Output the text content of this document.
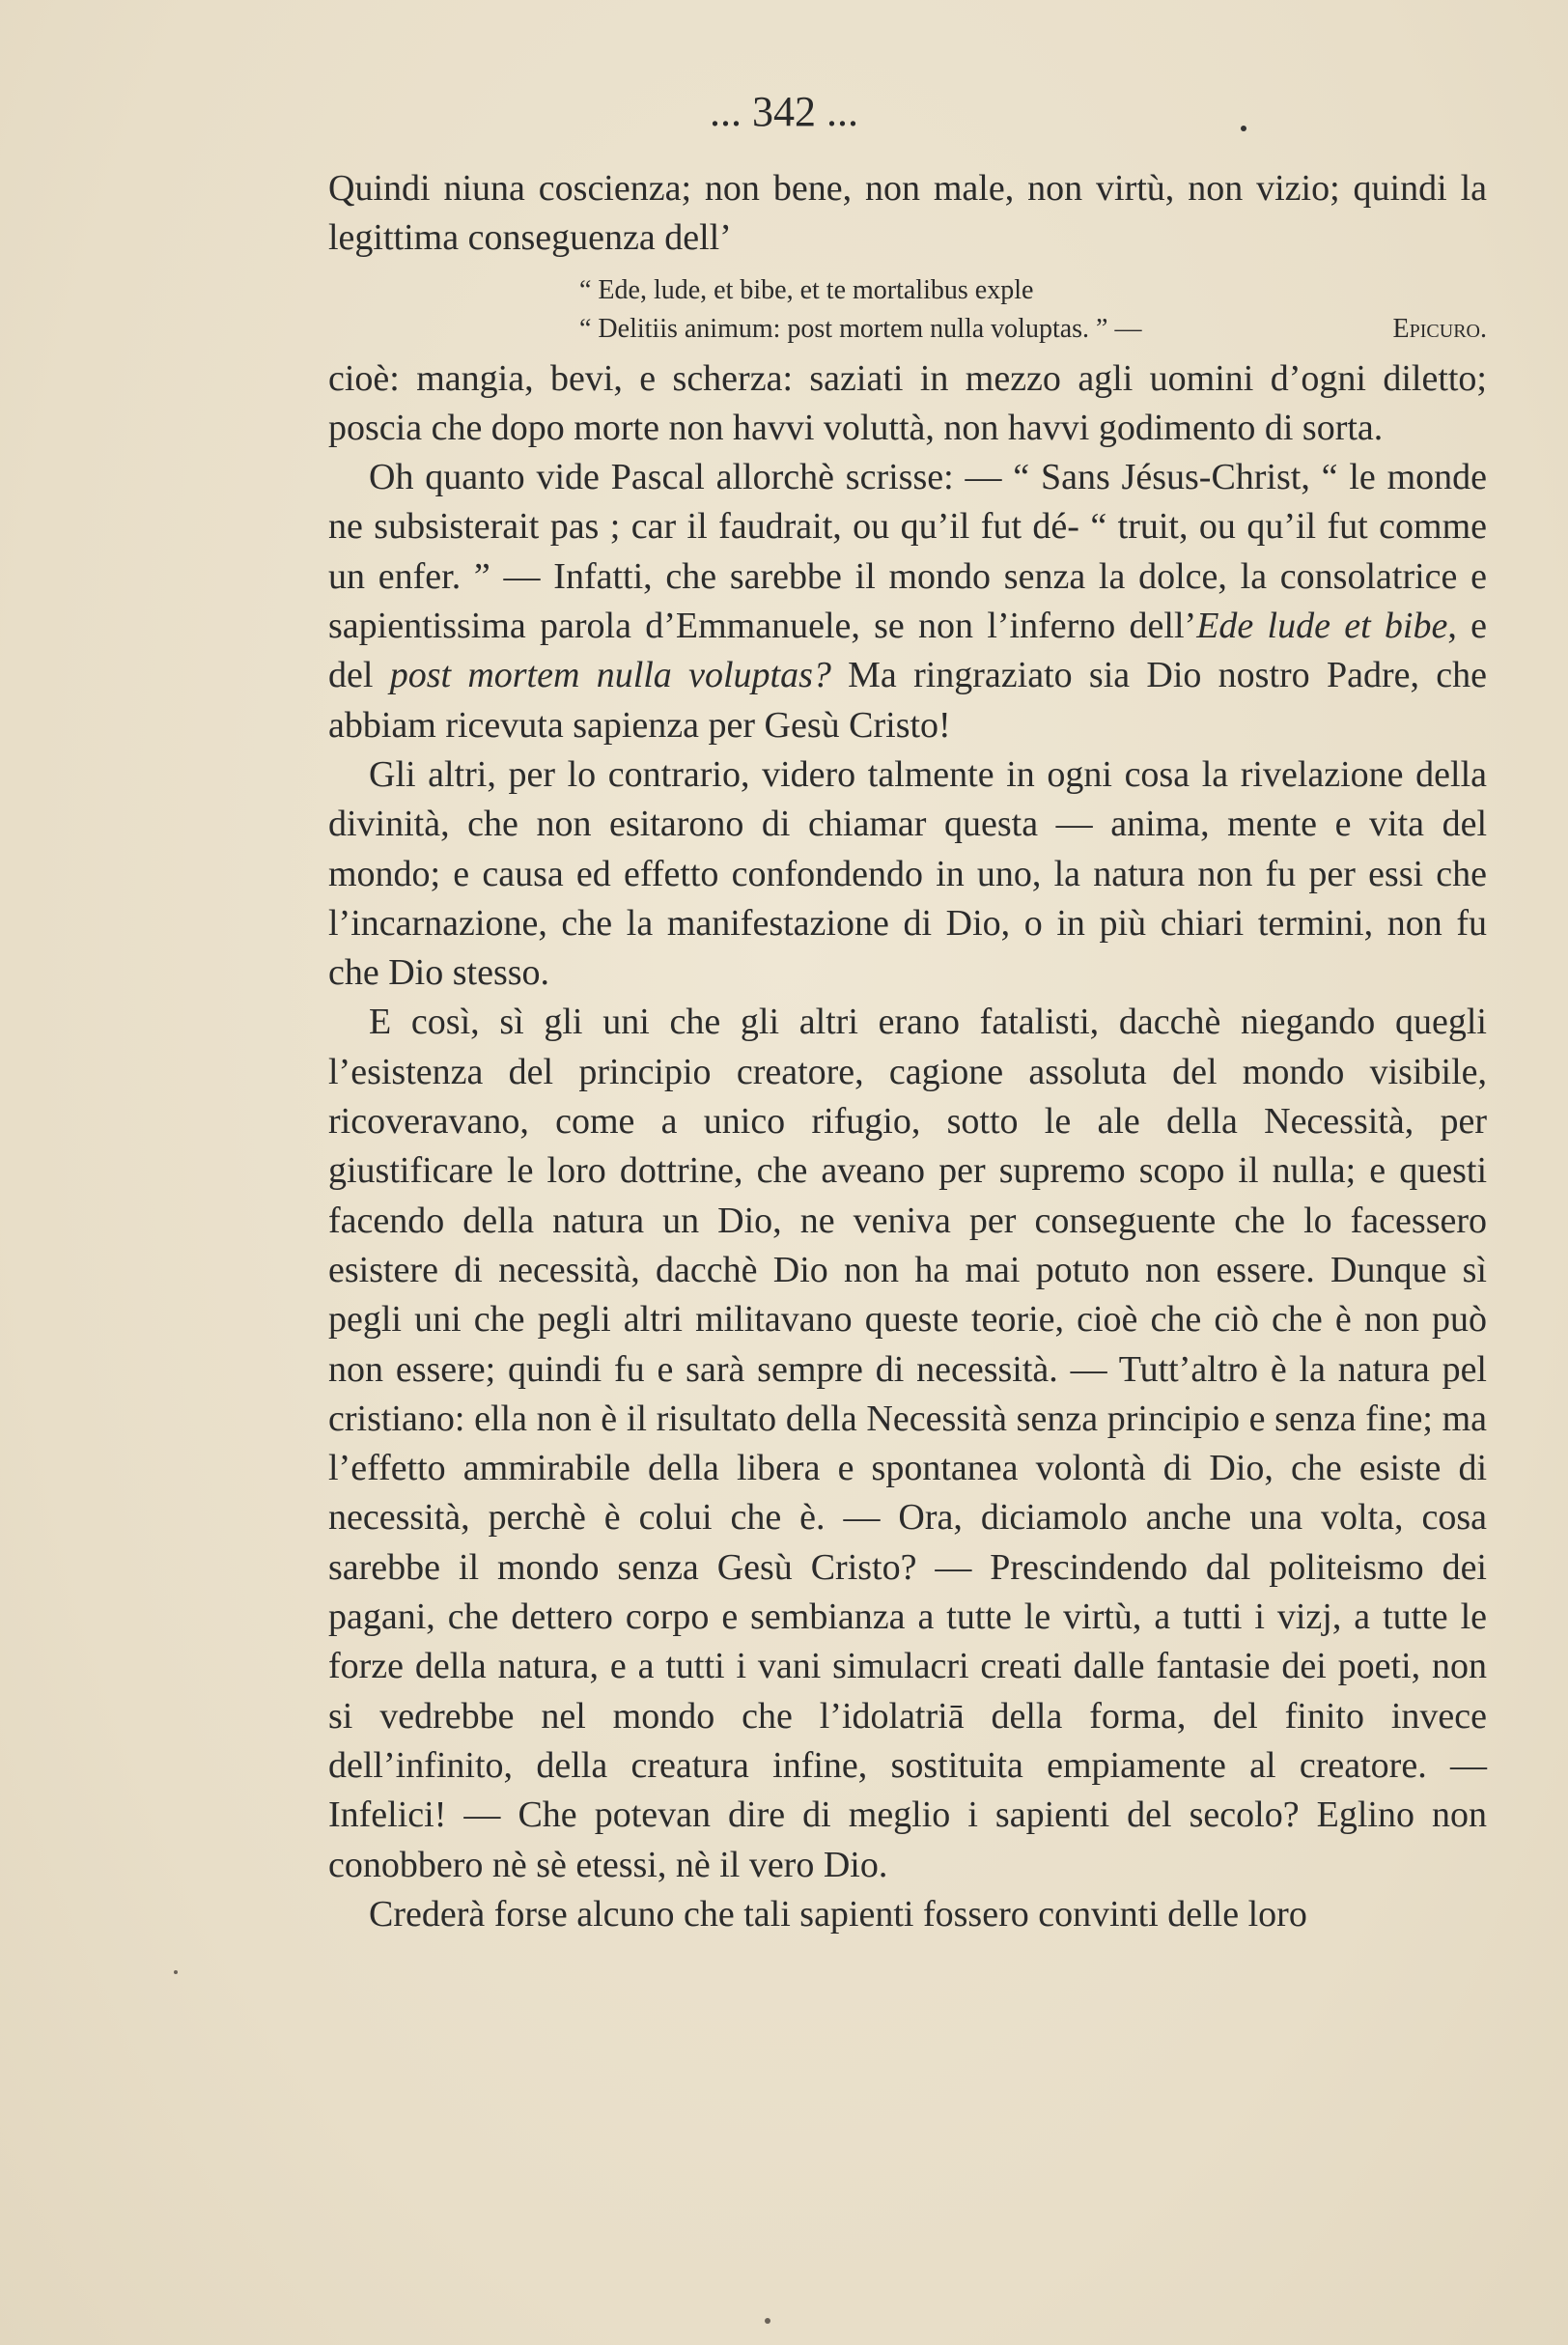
... 342 ...

Quindi niuna coscienza; non bene, non male, non virtù, non vizio; quindi la legittima conseguenza dell’

“ Ede, lude, et bibe, et te mortalibus exple
“ Delitiis animum: post mortem nulla voluptas. ” —	Epicuro.

cioè: mangia, bevi, e scherza: saziati in mezzo agli uomini d’ogni diletto; poscia che dopo morte non havvi voluttà, non havvi godimento di sorta.

Oh quanto vide Pascal allorchè scrisse: — “ Sans Jésus-Christ, “ le monde ne subsisterait pas ; car il faudrait, ou qu’il fut dé- “ truit, ou qu’il fut comme un enfer. ” — Infatti, che sarebbe il mondo senza la dolce, la consolatrice e sapientissima parola d’Emmanuele, se non l’inferno dell’Ede lude et bibe, e del post mortem nulla voluptas? Ma ringraziato sia Dio nostro Padre, che abbiam ricevuta sapienza per Gesù Cristo!

Gli altri, per lo contrario, videro talmente in ogni cosa la rivelazione della divinità, che non esitarono di chiamar questa — anima, mente e vita del mondo; e causa ed effetto confondendo in uno, la natura non fu per essi che l’incarnazione, che la manifestazione di Dio, o in più chiari termini, non fu che Dio stesso.

E così, sì gli uni che gli altri erano fatalisti, dacchè niegando quegli l’esistenza del principio creatore, cagione assoluta del mondo visibile, ricoveravano, come a unico rifugio, sotto le ale della Necessità, per giustificare le loro dottrine, che aveano per supremo scopo il nulla; e questi facendo della natura un Dio, ne veniva per conseguente che lo facessero esistere di necessità, dacchè Dio non ha mai potuto non essere. Dunque sì pegli uni che pegli altri militavano queste teorie, cioè che ciò che è non può non essere; quindi fu e sarà sempre di necessità. — Tutt’altro è la natura pel cristiano: ella non è il risultato della Necessità senza principio e senza fine; ma l’effetto ammirabile della libera e spontanea volontà di Dio, che esiste di necessità, perchè è colui che è. — Ora, diciamolo anche una volta, cosa sarebbe il mondo senza Gesù Cristo? — Prescindendo dal politeismo dei pagani, che dettero corpo e sembianza a tutte le virtù, a tutti i vizj, a tutte le forze della natura, e a tutti i vani simulacri creati dalle fantasie dei poeti, non si vedrebbe nel mondo che l’idolatriā della forma, del finito invece dell’infinito, della creatura infine, sostituita empiamente al creatore. — Infelici! — Che potevan dire di meglio i sapienti del secolo? Eglino non conobbero nè sè etessi, nè il vero Dio.

Crederà forse alcuno che tali sapienti fossero convinti delle loro
